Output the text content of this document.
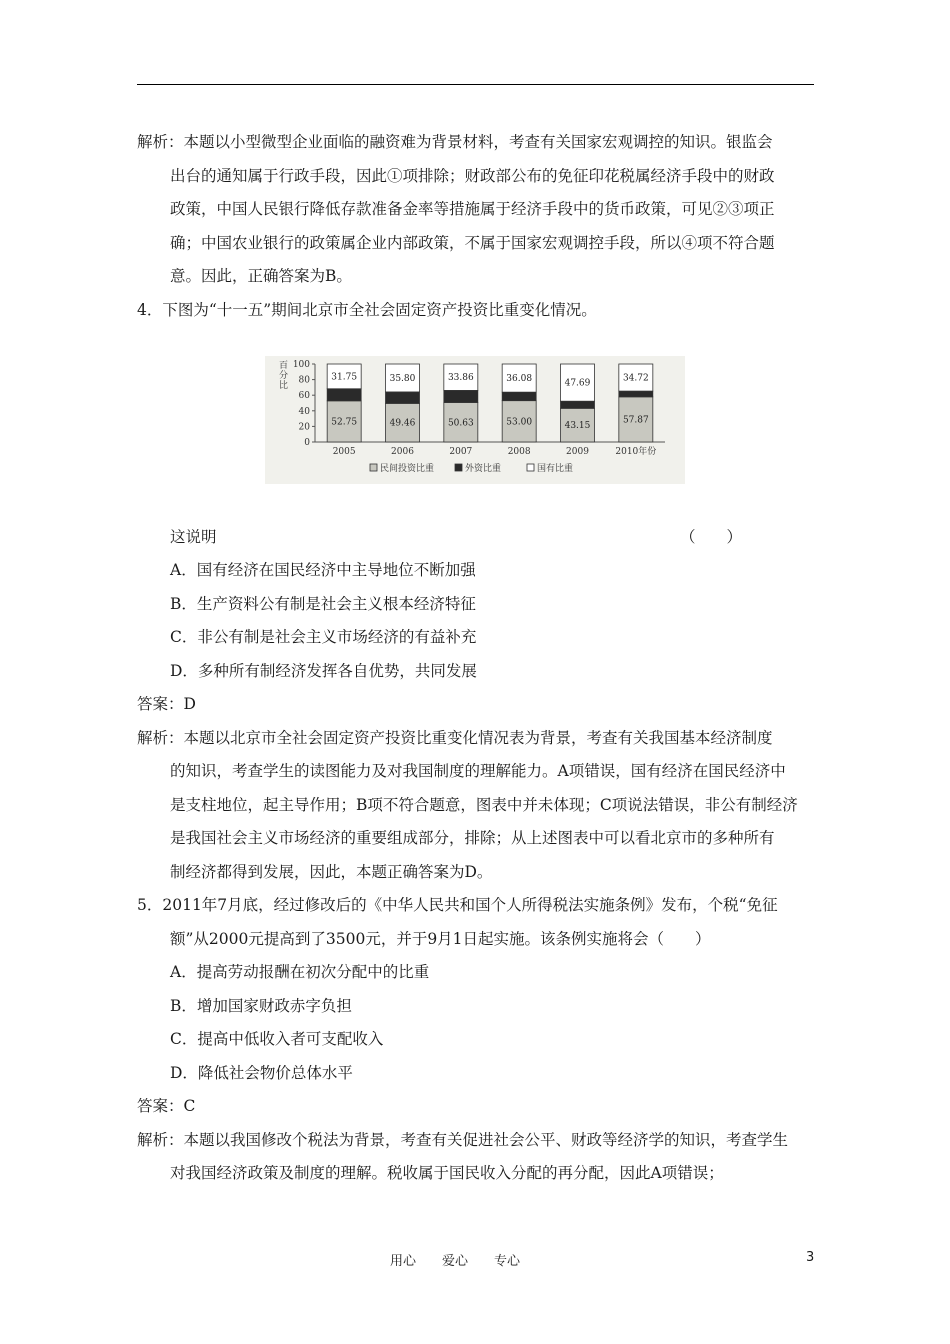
解析：本题以小型微型企业面临的融资难为背景材料，考查有关国家宏观调控的知识。银监会
出台的通知属于行政手段，因此①项排除；财政部公布的免征印花税属经济手段中的财政
政策，中国人民银行降低存款准备金率等措施属于经济手段中的货币政策，可见②③项正
确；中国农业银行的政策属企业内部政策，不属于国家宏观调控手段，所以④项不符合题
意。因此，正确答案为B。
4．下图为“十一五”期间北京市全社会固定资产投资比重变化情况。
这说明
A．国有经济在国民经济中主导地位不断加强
B．生产资料公有制是社会主义根本经济特征
C．非公有制是社会主义市场经济的有益补充
D．多种所有制经济发挥各自优势，共同发展
答案：D
解析：本题以北京市全社会固定资产投资比重变化情况表为背景，考查有关我国基本经济制度
的知识，考查学生的读图能力及对我国制度的理解能力。A项错误，国有经济在国民经济中
是支柱地位，起主导作用；B项不符合题意，图表中并未体现；C项说法错误，非公有制经济
是我国社会主义市场经济的重要组成部分，排除；从上述图表中可以看北京市的多种所有
制经济都得到发展，因此，本题正确答案为D。
5．2011年7月底，经过修改后的《中华人民共和国个人所得税法实施条例》发布，个税“免征
额”从2000元提高到了3500元，并于9月1日起实施。该条例实施将会（　　）
A．提高劳动报酬在初次分配中的比重
B．增加国家财政赤字负担
C．提高中低收入者可支配收入
D．降低社会物价总体水平
答案：C
解析：本题以我国修改个税法为背景，考查有关促进社会公平、财政等经济学的知识，考查学生
对我国经济政策及制度的理解。税收属于国民收入分配的再分配，因此A项错误；
百
分
比
0
20
40
60
80
100
52.75
31.75
2005
49.46
35.80
2006
50.63
33.86
2007
53.00
36.08
2008
43.15
47.69
2009
57.87
34.72
2010年份
民间投资比重	外资比重	国有比重
（　　）
用心　　爱心　　专心	3
